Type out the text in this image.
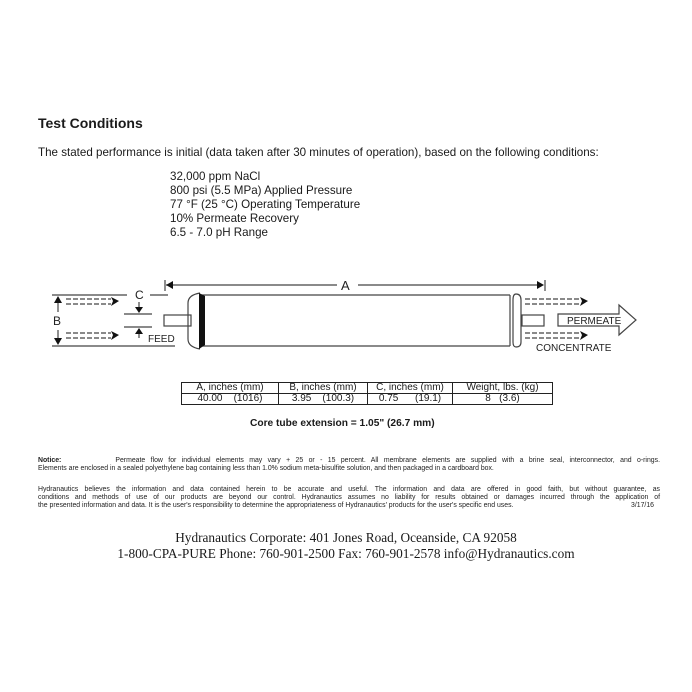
Test Conditions
The stated performance is initial (data taken after 30 minutes of operation), based on the following conditions:
32,000 ppm NaCl
800 psi (5.5 MPa) Applied Pressure
77 °F (25 °C) Operating Temperature
10% Permeate Recovery
6.5 - 7.0 pH Range
A
B
C
FEED
PERMEATE
CONCENTRATE
A, inches (mm)	B, inches (mm)	C, inches (mm)	Weight, lbs. (kg)
40.00    (1016)	3.95    (100.3)	0.75      (19.1)	8   (3.6)
Core tube extension = 1.05" (26.7 mm)

Notice:	Permeate flow for individual elements may vary + 25 or - 15 percent. All membrane elements are supplied with a brine seal, interconnector, and o-rings.

Elements are enclosed in a sealed polyethylene bag containing less than 1.0% sodium meta-bisulfite solution, and then packaged in a cardboard box.

Hydranautics believes the information and data contained herein to be accurate and useful. The information and data are offered in good faith, but without guarantee, as

conditions and methods of use of our products are beyond our control. Hydranautics assumes no liability for results obtained or damages incurred through the application of

the presented information and data. It is the user's responsibility to determine the appropriateness of Hydranautics' products for the user's specific end uses.	3/17/16

Hydranautics Corporate: 401 Jones Road, Oceanside, CA 92058
1-800-CPA-PURE Phone: 760-901-2500 Fax: 760-901-2578 info@Hydranautics.com
